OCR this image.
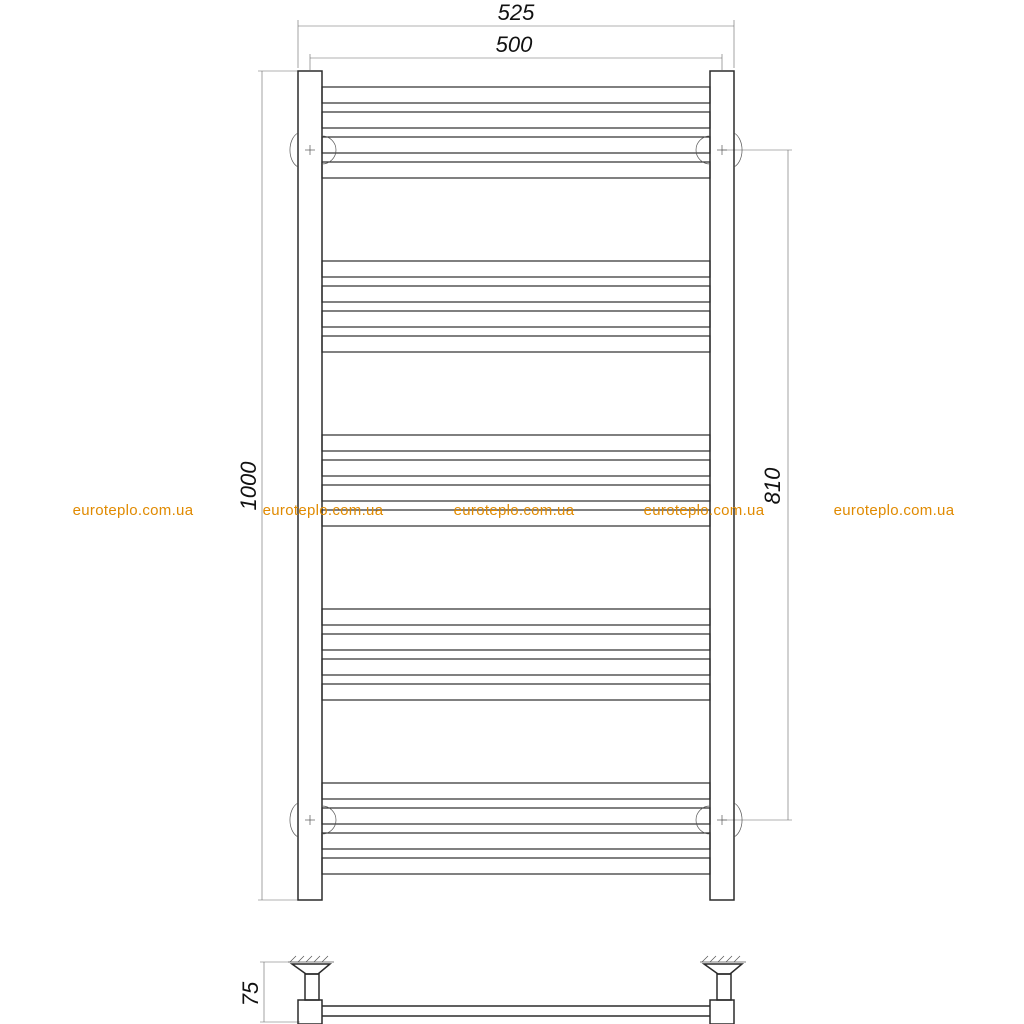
525
500
1000	810
75
euroteplo.com.ua	euroteplo.com.ua	euroteplo.com.ua	euroteplo.com.ua	euroteplo.com.ua
